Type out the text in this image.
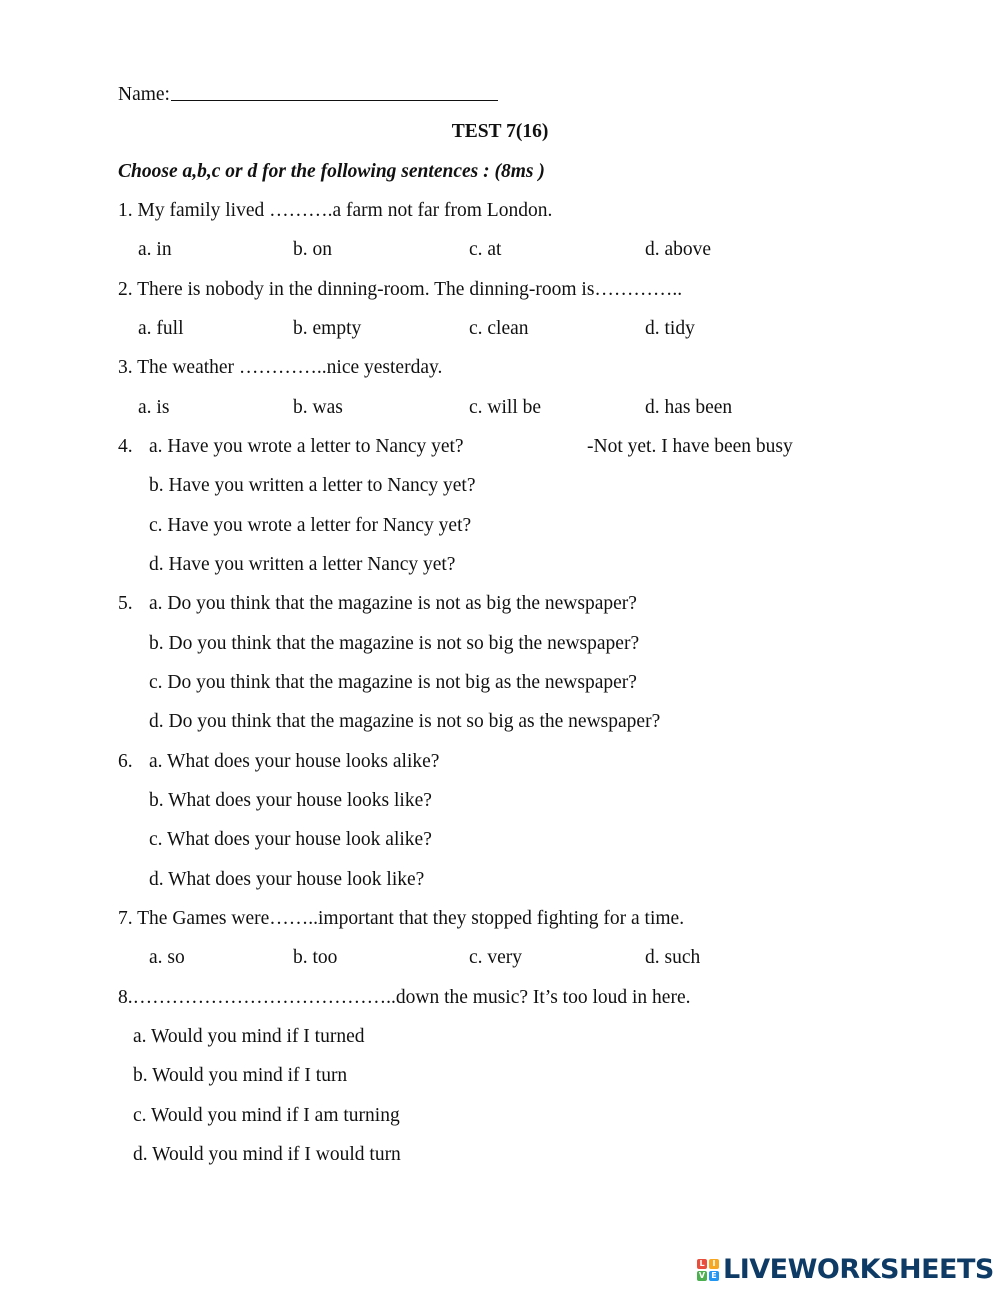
Name:
TEST 7(16)
Choose a,b,c or d for the following sentences : (8ms )
1. My family lived ……….a farm not far from London.
a. in	b. on	c. at	d. above
2. There is nobody in the dinning-room. The dinning-room is…………..
a. full	b. empty	c. clean	d. tidy
3. The weather …………..nice yesterday.
a. is	b. was	c. will be	d. has been
4. a. Have you wrote a letter to Nancy yet?	-Not yet. I have been busy
b. Have you written a letter to Nancy yet?
c. Have you wrote a letter for Nancy yet?
d. Have you written a letter Nancy yet?
5. a. Do you think that the magazine is not as big the newspaper?
b. Do you think that the magazine is not so big the newspaper?
c. Do you think that the magazine is not big as the newspaper?
d. Do you think that the magazine is not so big as the newspaper?
6. a. What does your house looks alike?
b. What does your house looks like?
c. What does your house look alike?
d. What does your house look like?
7. The Games were……..important that they stopped fighting for a time.
a. so	b. too	c. very	d. such
8.…………………………………..down the music? It’s too loud in here.
a. Would you mind if I turned
b. Would you mind if I turn
c. Would you mind if I am turning
d. Would you mind if I would turn
L I
V E LIVEWORKSHEETS
